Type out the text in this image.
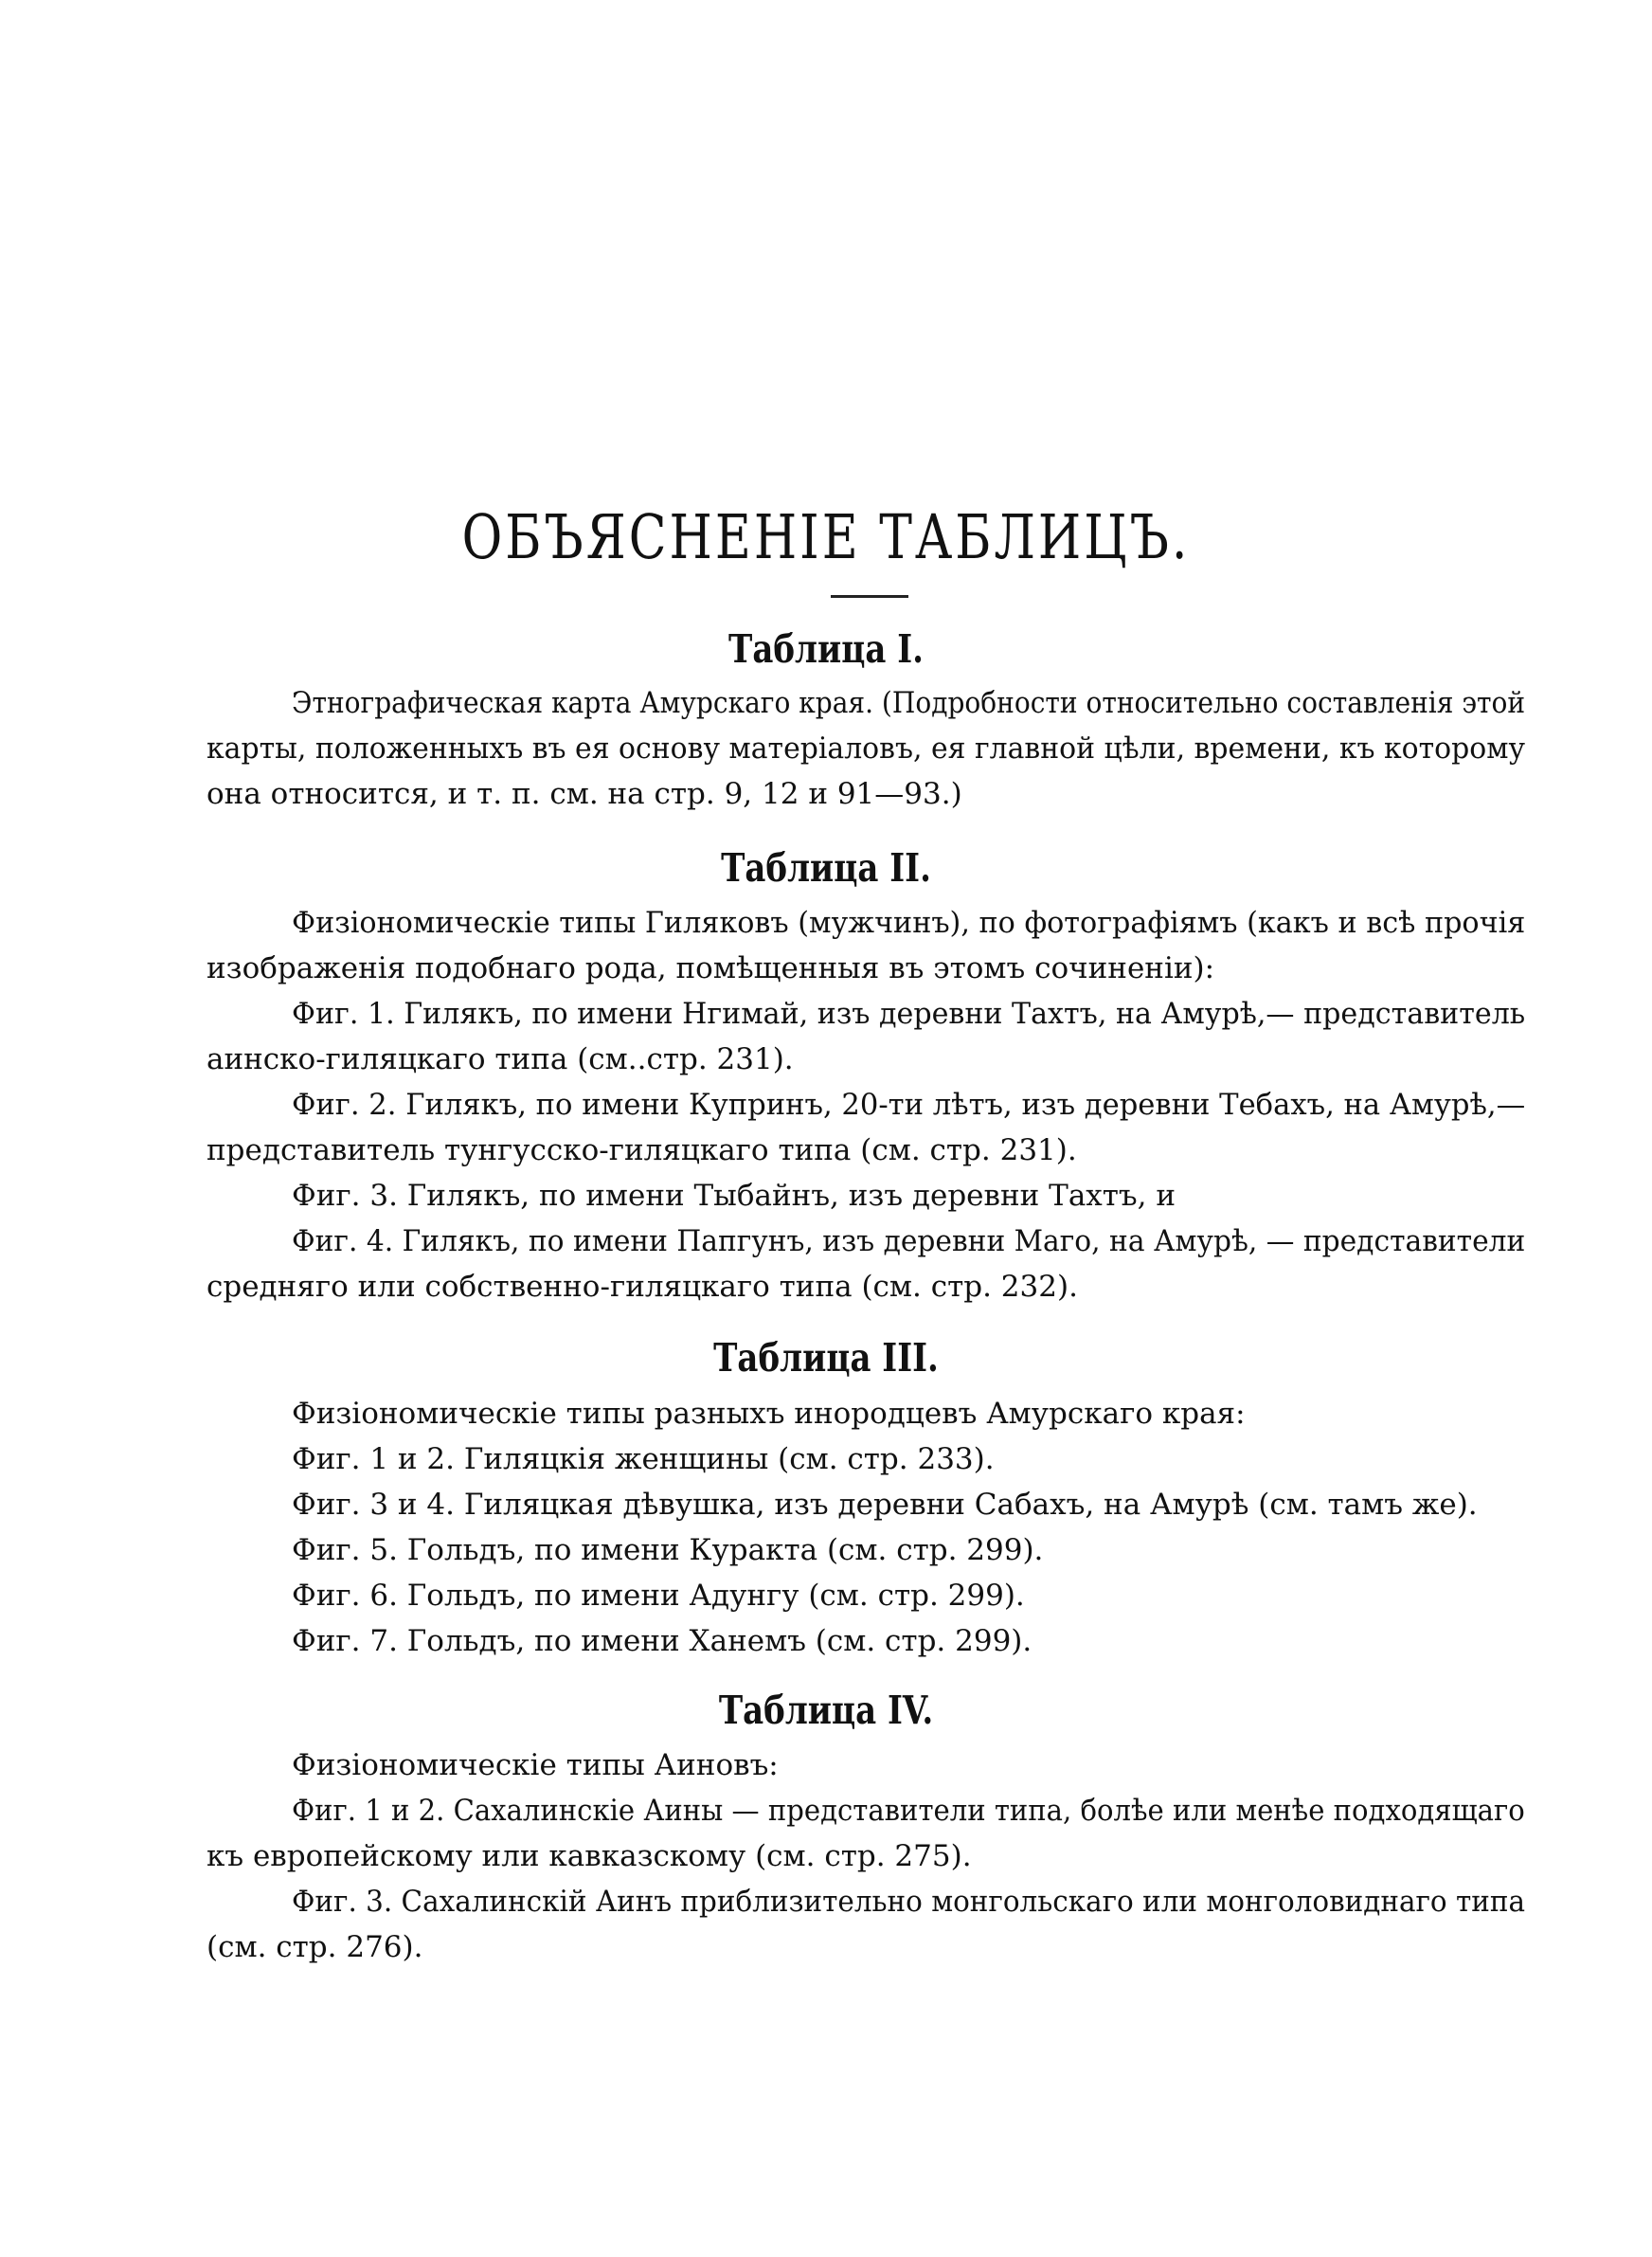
ОБЪЯСНЕНІЕ ТАБЛИЦЪ.
Таблица I.
Этнографическая карта Амурскаго края. (Подробности относительно составленія этой
карты, положенныхъ въ ея основу матеріаловъ, ея главной цѣли, времени, къ которому
она относится, и т. п. см. на стр. 9, 12 и 91—93.)
Таблица II.
Физіономическіе типы Гиляковъ (мужчинъ), по фотографіямъ (какъ и всѣ прочія
изображенія подобнаго рода, помѣщенныя въ этомъ сочиненіи):
Фиг. 1. Гилякъ, по имени Нгимай, изъ деревни Тахтъ, на Амурѣ,— представитель
аинско-гиляцкаго типа (см..стр. 231).
Фиг. 2. Гилякъ, по имени Купринъ, 20-ти лѣтъ, изъ деревни Тебахъ, на Амурѣ,—
представитель тунгусско-гиляцкаго типа (см. стр. 231).
Фиг. 3. Гилякъ, по имени Тыбайнъ, изъ деревни Тахтъ, и
Фиг. 4. Гилякъ, по имени Папгунъ, изъ деревни Маго, на Амурѣ, — представители
средняго или собственно-гиляцкаго типа (см. стр. 232).
Таблица III.
Физіономическіе типы разныхъ инородцевъ Амурскаго края:
Фиг. 1 и 2. Гиляцкія женщины (см. стр. 233).
Фиг. 3 и 4. Гиляцкая дѣвушка, изъ деревни Сабахъ, на Амурѣ (см. тамъ же).
Фиг. 5. Гольдъ, по имени Куракта (см. стр. 299).
Фиг. 6. Гольдъ, по имени Адунгу (см. стр. 299).
Фиг. 7. Гольдъ, по имени Ханемъ (см. стр. 299).
Таблица IV.
Физіономическіе типы Аиновъ:
Фиг. 1 и 2. Сахалинскіе Аины — представители типа, болѣе или менѣе подходящаго
къ европейскому или кавказскому (см. стр. 275).
Фиг. 3. Сахалинскій Аинъ приблизительно монгольскаго или монголовиднаго типа
(см. стр. 276).
